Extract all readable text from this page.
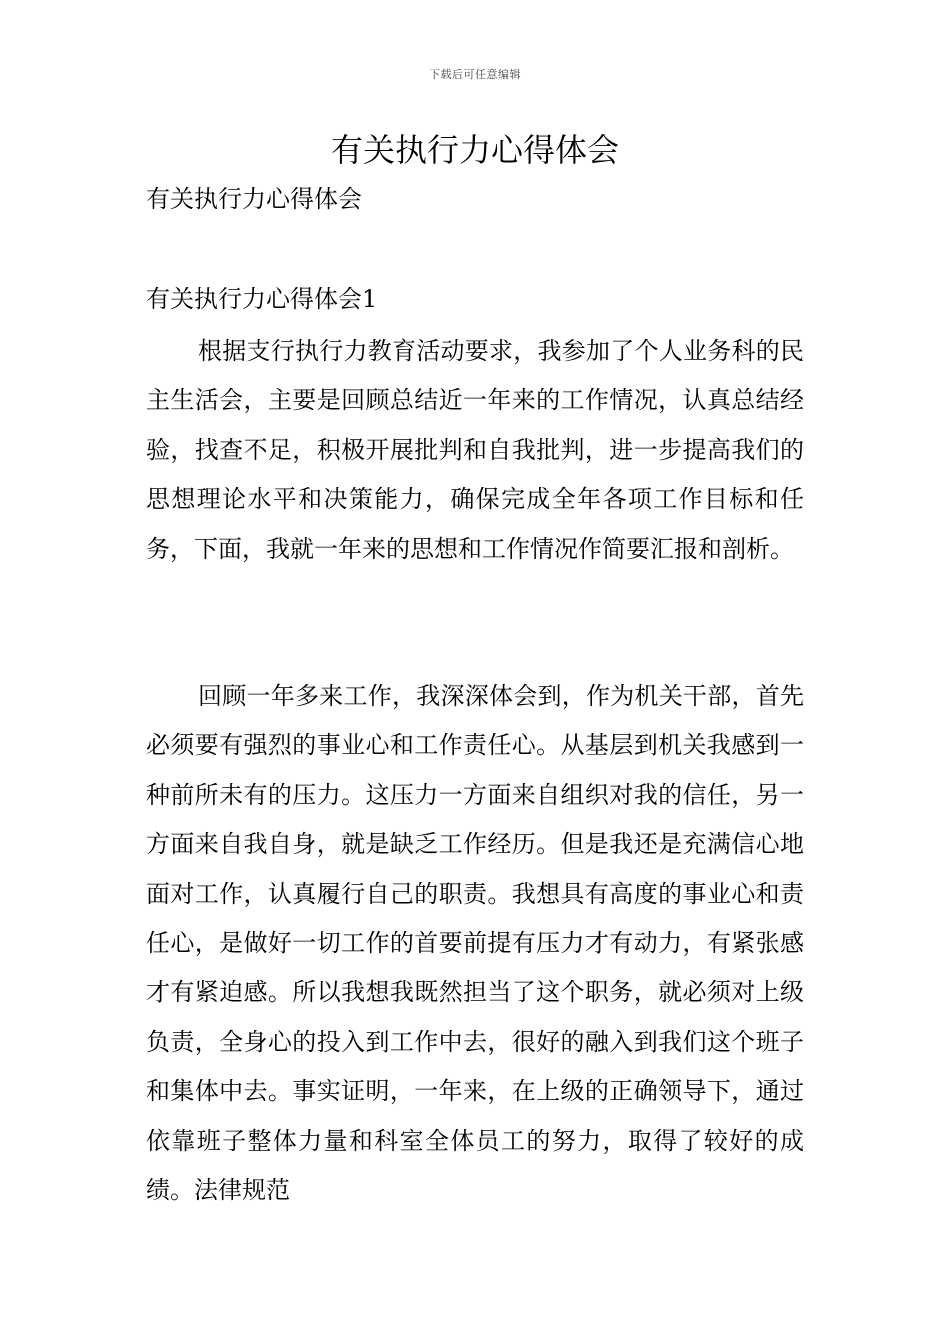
下载后可任意编辑
有关执行力心得体会

有关执行力心得体会

有关执行力心得体会1

根据支行执行力教育活动要求，我参加了个人业务科的民主生活会，主要是回顾总结近一年来的工作情况，认真总结经验，找查不足，积极开展批判和自我批判，进一步提高我们的思想理论水平和决策能力，确保完成全年各项工作目标和任务，下面，我就一年来的思想和工作情况作简要汇报和剖析。

回顾一年多来工作，我深深体会到，作为机关干部，首先必须要有强烈的事业心和工作责任心。从基层到机关我感到一种前所未有的压力。这压力一方面来自组织对我的信任，另一方面来自我自身，就是缺乏工作经历。但是我还是充满信心地面对工作，认真履行自己的职责。我想具有高度的事业心和责任心，是做好一切工作的首要前提有压力才有动力，有紧张感才有紧迫感。所以我想我既然担当了这个职务，就必须对上级负责，全身心的投入到工作中去，很好的融入到我们这个班子和集体中去。事实证明，一年来，在上级的正确领导下，通过依靠班子整体力量和科室全体员工的努力，取得了较好的成绩。法律规范
